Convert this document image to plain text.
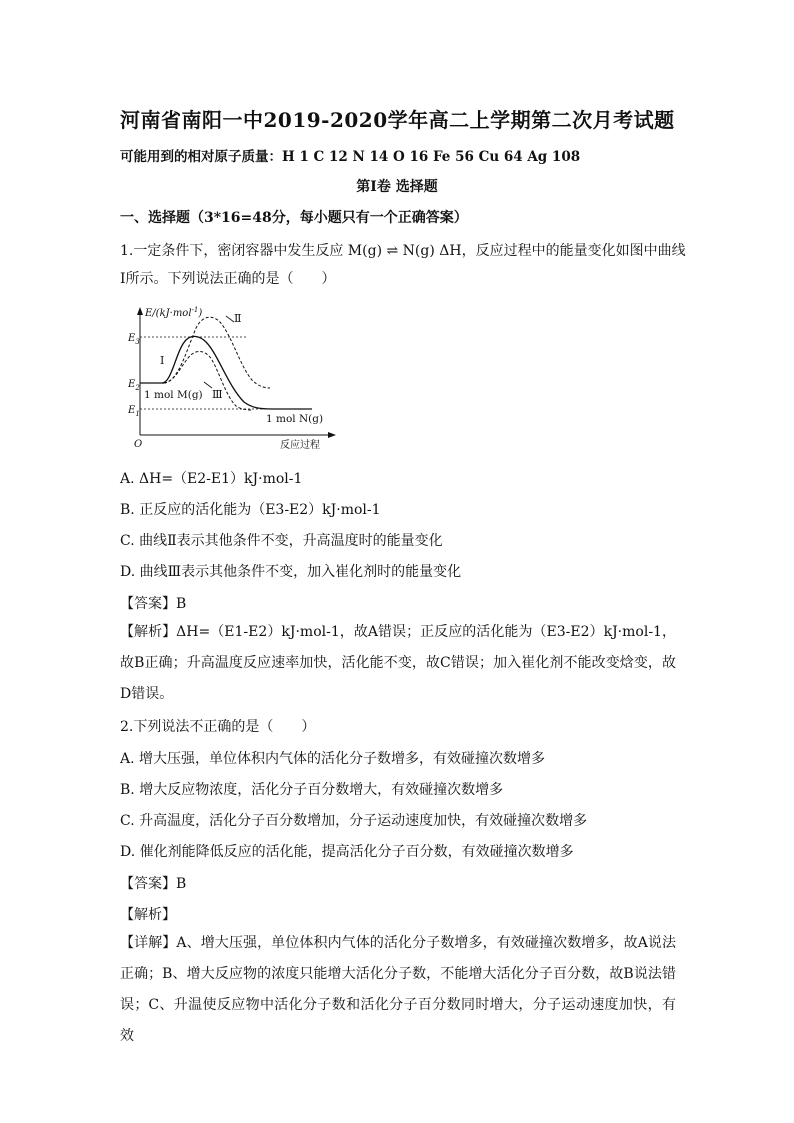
河南省南阳一中2019-2020学年高二上学期第二次月考试题
可能用到的相对原子质量：H 1 C 12 N 14 O 16 Fe 56 Cu 64 Ag 108
第Ⅰ卷 选择题
一、选择题（3*16=48分，每小题只有一个正确答案）
1.一定条件下，密闭容器中发生反应 M(g) ⇌ N(g) ΔH，反应过程中的能量变化如图中曲线
Ⅰ所示。下列说法正确的是（　　）
E/(kJ·mol$^{-1}$)
$E_3$
$E_2$
$E_1$
O	反应过程
Ⅰ
Ⅱ
Ⅲ
1 mol M(g)
1 mol N(g)
A. ΔH=（E2-E1）kJ·mol-1
B. 正反应的活化能为（E3-E2）kJ·mol-1
C. 曲线Ⅱ表示其他条件不变，升高温度时的能量变化
D. 曲线Ⅲ表示其他条件不变，加入崔化剂时的能量变化
【答案】B
【解析】ΔH=（E1-E2）kJ·mol-1，故A错误；正反应的活化能为（E3-E2）kJ·mol-1，故B正确；升高温度反应速率加快，活化能不变，故C错误；加入崔化剂不能改变焓变，故D错误。
2.下列说法不正确的是（　　）
A. 增大压强，单位体积内气体的活化分子数增多，有效碰撞次数增多
B. 增大反应物浓度，活化分子百分数增大，有效碰撞次数增多
C. 升高温度，活化分子百分数增加，分子运动速度加快，有效碰撞次数增多
D. 催化剂能降低反应的活化能，提高活化分子百分数，有效碰撞次数增多
【答案】B
【解析】
【详解】A、增大压强，单位体积内气体的活化分子数增多，有效碰撞次数增多，故A说法正确；B、增大反应物的浓度只能增大活化分子数，不能增大活化分子百分数，故B说法错误；C、升温使反应物中活化分子数和活化分子百分数同时增大，分子运动速度加快，有效
